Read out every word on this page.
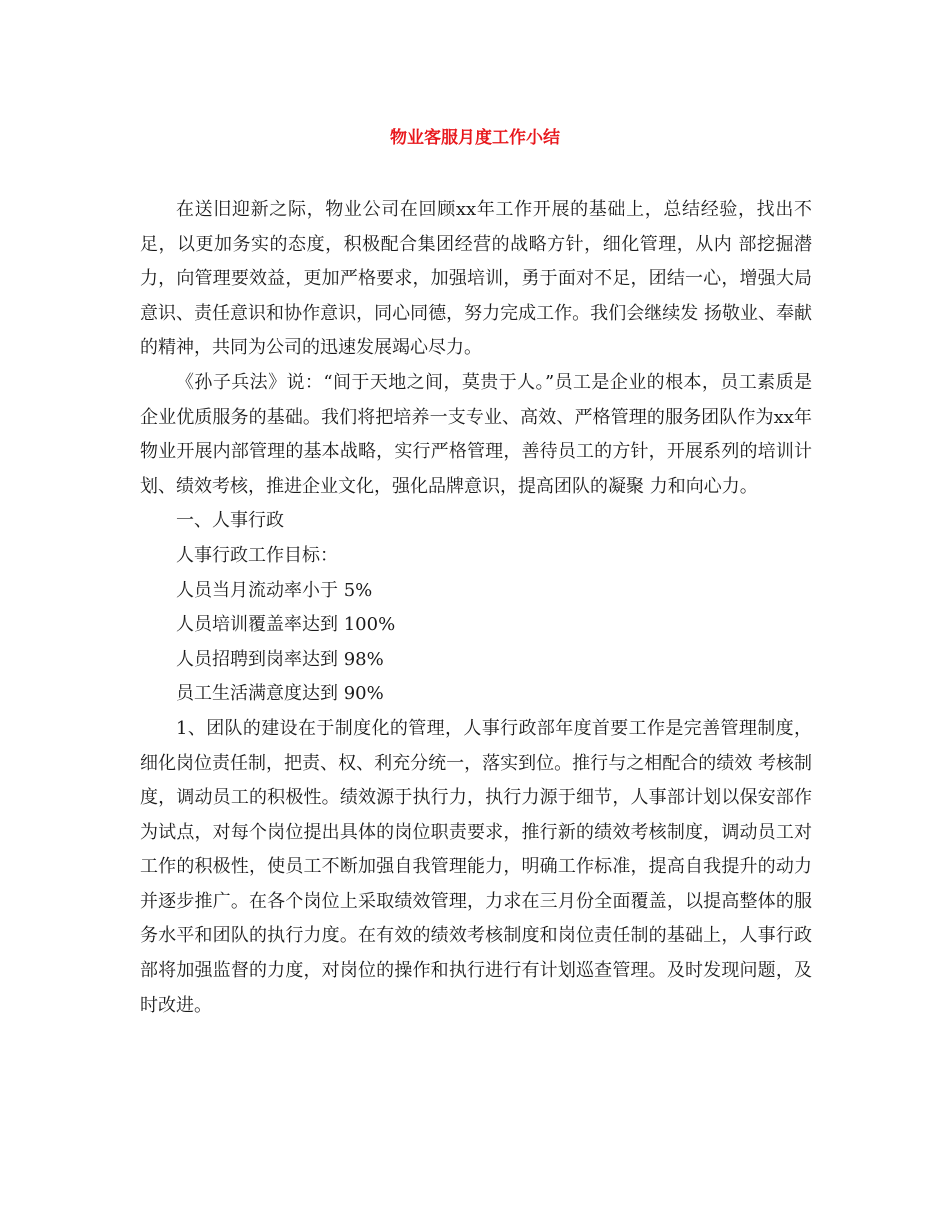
物业客服月度工作小结

在送旧迎新之际，物业公司在回顾xx年工作开展的基础上，总结经验，找出不足，以更加务实的态度，积极配合集团经营的战略方针，细化管理，从内 部挖掘潜力，向管理要效益，更加严格要求，加强培训，勇于面对不足，团结一心，增强大局意识、责任意识和协作意识，同心同德，努力完成工作。我们会继续发 扬敬业、奉献的精神，共同为公司的迅速发展竭心尽力。

《孙子兵法》说：“间于天地之间，莫贵于人。”员工是企业的根本，员工素质是企业优质服务的基础。我们将把培养一支专业、高效、严格管理的服务团队作为xx年物业开展内部管理的基本战略，实行严格管理，善待员工的方针，开展系列的培训计划、绩效考核，推进企业文化，强化品牌意识，提高团队的凝聚 力和向心力。

一、人事行政

人事行政工作目标：

人员当月流动率小于 5%

人员培训覆盖率达到 100%

人员招聘到岗率达到 98%

员工生活满意度达到 90%

1、团队的建设在于制度化的管理，人事行政部年度首要工作是完善管理制度，细化岗位责任制，把责、权、利充分统一，落实到位。推行与之相配合的绩效 考核制度，调动员工的积极性。绩效源于执行力，执行力源于细节，人事部计划以保安部作为试点，对每个岗位提出具体的岗位职责要求，推行新的绩效考核制度，调动员工对工作的积极性，使员工不断加强自我管理能力，明确工作标准，提高自我提升的动力并逐步推广。在各个岗位上采取绩效管理，力求在三月份全面覆盖，以提高整体的服务水平和团队的执行力度。在有效的绩效考核制度和岗位责任制的基础上，人事行政部将加强监督的力度，对岗位的操作和执行进行有计划巡查管理。及时发现问题，及时改进。
